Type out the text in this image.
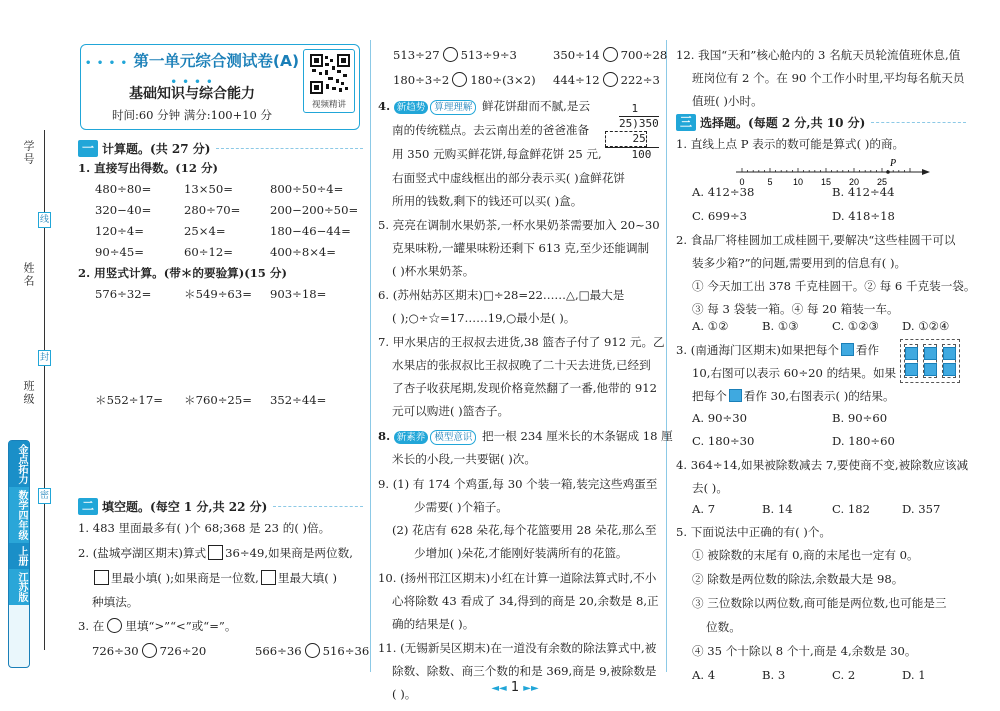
学号
姓名
班级
线
封
密
金点拓力
数学四年级
上册
江苏版
• • • • 第一单元综合测试卷(A) • • • •
基础知识与综合能力
时间:60 分钟 满分:100+10 分
视频精讲
一 计算题。(共 27 分)
1. 直接写出得数。(12 分)
480÷80=	13×50=	800÷50÷4=
320−40=	280÷70=	200−200÷50=
120÷4=	25×4=	180−46−44=
90÷45=	60÷12=	400÷8×4=
2. 用竖式计算。(带＊的要验算)(15 分)
576÷32=	＊549÷63= 903÷18=
＊552÷17= ＊760÷25= 352÷44=
二 填空题。(每空 1 分,共 22 分)
1. 483 里面最多有( )个 68;368 是 23 的( )倍。
2. (盐城亭湖区期末)算式 36÷49,如果商是两位数,
里最小填( );如果商是一位数, 里最大填( )
种填法。
3. 在 里填“>”“<”或“=”。
726÷30 726÷20	566÷36 516÷36
513÷27 513÷9÷3	350÷14 700÷28
180÷3÷2 180÷(3×2) 444÷12 222÷3
4. 新趋势 算理理解 鲜花饼甜而不腻,是云
南的传统糕点。去云南出差的爸爸准备
用 350 元购买鲜花饼,每盒鲜花饼 25 元,
右面竖式中虚线框出的部分表示买( )盒鲜花饼
所用的钱数,剩下的钱还可以买( )盒。
1
25)350
25
100
5. 亮亮在调制水果奶茶,一杯水果奶茶需要加入 20~30
克果味粉,一罐果味粉还剩下 613 克,至少还能调制
( )杯水果奶茶。
6. (苏州姑苏区期末)□÷28=22……△,□最大是
( );○÷☆=17……19,○最小是( )。
7. 甲水果店的王叔叔去进货,38 篮杏子付了 912 元。乙
水果店的张叔叔比王叔叔晚了二十天去进货,已经到
了杏子收获尾期,发现价格竟然翻了一番,他带的 912
元可以购进( )篮杏子。
8. 新素养 模型意识 把一根 234 厘米长的木条锯成 18 厘
米长的小段,一共要锯( )次。
9. (1) 有 174 个鸡蛋,每 30 个装一箱,装完这些鸡蛋至
少需要( )个箱子。
(2) 花店有 628 朵花,每个花篮要用 28 朵花,那么至
少增加( )朵花,才能刚好装满所有的花篮。
10. (扬州邗江区期末)小红在计算一道除法算式时,不小
心将除数 43 看成了 34,得到的商是 20,余数是 8,正
确的结果是( )。
11. (无锡新吴区期末)在一道没有余数的除法算式中,被
除数、除数、商三个数的和是 369,商是 9,被除数是
( )。
12. 我国“天和”核心舱内的 3 名航天员轮流值班休息,值
班岗位有 2 个。在 90 个工作小时里,平均每名航天员
值班( )小时。
三 选择题。(每题 2 分,共 10 分)
1. 直线上点 P 表示的数可能是算式( )的商。
0	5 10 15 20 25
P
A. 412÷38	B. 412÷44
C. 699÷3	D. 418÷18
2. 食品厂将桂圆加工成桂圆干,要解决“这些桂圆干可以
装多少箱?”的问题,需要用到的信息有( )。
① 今天加工出 378 千克桂圆干。② 每 6 千克装一袋。
③ 每 3 袋装一箱。④ 每 20 箱装一车。
A. ①②	B. ①③	C. ①②③ D. ①②④
3. (南通海门区期末)如果把每个 看作
10,右图可以表示 60÷20 的结果。如果
把每个 看作 30,右图表示( )的结果。
A. 90÷30	B. 90÷60
C. 180÷30	D. 180÷60
4. 364÷14,如果被除数减去 7,要使商不变,被除数应该减
去( )。
A. 7	B. 14	C. 182	D. 357
5. 下面说法中正确的有( )个。
① 被除数的末尾有 0,商的末尾也一定有 0。
② 除数是两位数的除法,余数最大是 98。
③ 三位数除以两位数,商可能是两位数,也可能是三
位数。
④ 35 个十除以 8 个十,商是 4,余数是 30。
A. 4	B. 3	C. 2	D. 1
◄◄ 1 ►►
